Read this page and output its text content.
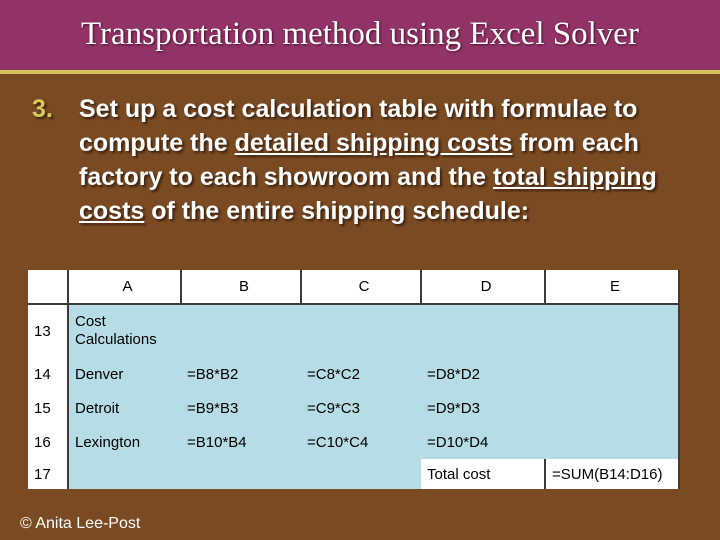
Transportation method using Excel Solver
3. Set up a cost calculation table with formulae to compute the detailed shipping costs from each factory to each showroom and the total shipping costs of the entire shipping schedule:
	A	B	C	D	E
13	Cost Calculations				
14	Denver	=B8*B2	=C8*C2	=D8*D2	
15	Detroit	=B9*B3	=C9*C3	=D9*D3	
16	Lexington	=B10*B4	=C10*C4	=D10*D4	
17				Total cost	=SUM(B14:D16)
© Anita Lee-Post
